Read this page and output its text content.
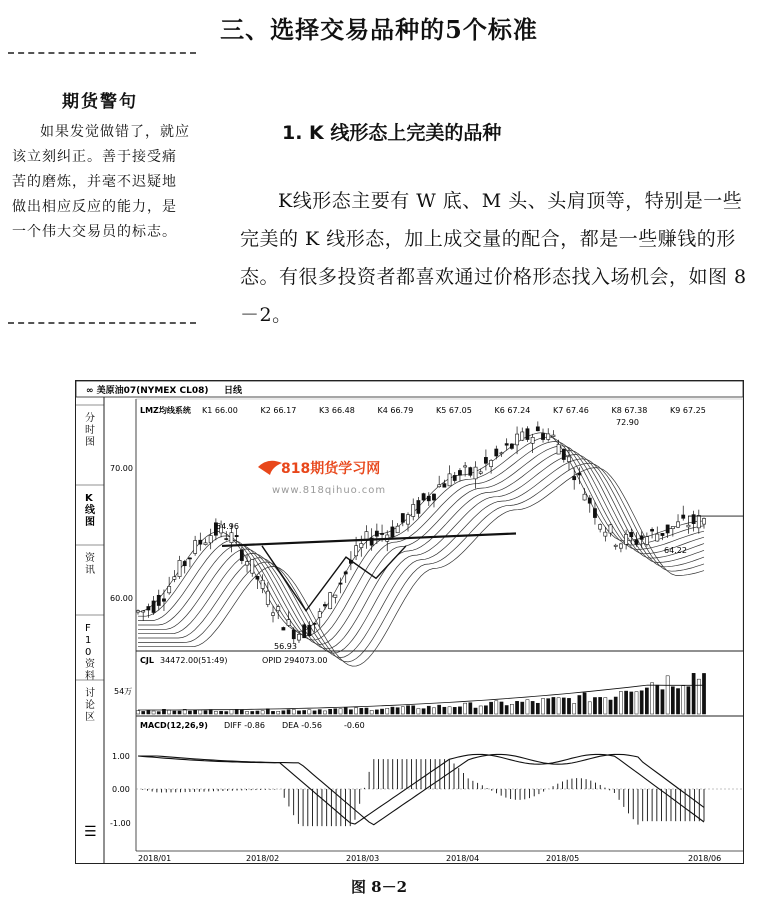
三、选择交易品种的5个标准
期货警句
如果发觉做错了，就应该立刻纠正。善于接受痛苦的磨炼，并毫不迟疑地做出相应反应的能力，是一个伟大交易员的标志。
1. K 线形态上完美的品种
K线形态主要有 W 底、M 头、头肩顶等，特别是一些完美的 K 线形态，加上成交量的配合，都是一些赚钱的形态。有很多投资者都喜欢通过价格形态找入场机会，如图 8－2。
∞ 美原油07(NYMEX CL08) 日线
分
时
图
K
线
图
资
讯
F
1
0
资
料
讨
论
区
☰
LMZ均线系统 K1 66.00	K2 66.17	K3 66.48	K4 66.79	K5 67.05	K6 67.24	K7 67.46	K8 67.38	K9 67.25
70.00
60.00
818期货学习网
www.818qihuo.com
64.96
72.90
56.93
64.22
CJL 34472.00(51:49)	OPID 294073.00
54万
MACD(12,26,9) DIFF -0.86 DEA -0.56	-0.60
1.00
0.00
-1.00
2018/01	2018/02	2018/03	2018/04	2018/05	2018/06
图 8－2
